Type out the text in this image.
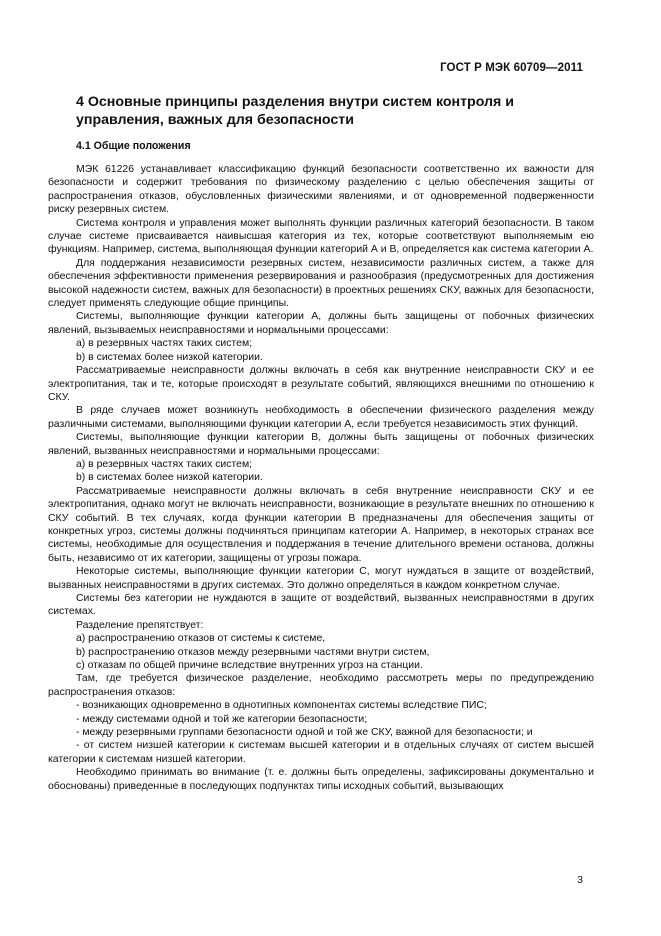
ГОСТ Р МЭК 60709—2011
4 Основные принципы разделения внутри систем контроля и управления, важных для безопасности
4.1 Общие положения

МЭК 61226 устанавливает классификацию функций безопасности соответственно их важности для безопасности и содержит требования по физическому разделению с целью обеспечения защиты от распространения отказов, обусловленных физическими явлениями, и от одновременной подверженности риску резервных систем.

Система контроля и управления может выполнять функции различных категорий безопасности. В таком случае системе присваивается наивысшая категория из тех, которые соответствуют выполняемым ею функциям. Например, система, выполняющая функции категорий А и В, определяется как система категории А.

Для поддержания независимости резервных систем, независимости различных систем, а также для обеспечения эффективности применения резервирования и разнообразия (предусмотренных для достижения высокой надежности систем, важных для безопасности) в проектных решениях СКУ, важных для безопасности, следует применять следующие общие принципы.

Системы, выполняющие функции категории А, должны быть защищены от побочных физических явлений, вызываемых неисправностями и нормальными процессами:

a) в резервных частях таких систем;

b) в системах более низкой категории.

Рассматриваемые неисправности должны включать в себя как внутренние неисправности СКУ и ее электропитания, так и те, которые происходят в результате событий, являющихся внешними по отношению к СКУ.

В ряде случаев может возникнуть необходимость в обеспечении физического разделения между различными системами, выполняющими функции категории А, если требуется независимость этих функций.

Системы, выполняющие функции категории В, должны быть защищены от побочных физических явлений, вызванных неисправностями и нормальными процессами:

a) в резервных частях таких систем;

b) в системах более низкой категории.

Рассматриваемые неисправности должны включать в себя внутренние неисправности СКУ и ее электропитания, однако могут не включать неисправности, возникающие в результате внешних по отношению к СКУ событий. В тех случаях, когда функции категории В предназначены для обеспечения защиты от конкретных угроз, системы должны подчиняться принципам категории А. Например, в некоторых странах все системы, необходимые для осуществления и поддержания в течение длительного времени останова, должны быть, независимо от их категории, защищены от угрозы пожара.

Некоторые системы, выполняющие функции категории С, могут нуждаться в защите от воздействий, вызванных неисправностями в других системах. Это должно определяться в каждом конкретном случае.

Системы без категории не нуждаются в защите от воздействий, вызванных неисправностями в других системах.

Разделение препятствует:

a) распространению отказов от системы к системе,

b) распространению отказов между резервными частями внутри систем,

c) отказам по общей причине вследствие внутренних угроз на станции.

Там, где требуется физическое разделение, необходимо рассмотреть меры по предупреждению распространения отказов:

- возникающих одновременно в однотипных компонентах системы вследствие ПИС;

- между системами одной и той же категории безопасности;

- между резервными группами безопасности одной и той же СКУ, важной для безопасности; и

- от систем низшей категории к системам высшей категории и в отдельных случаях от систем высшей категории к системам низшей категории.

Необходимо принимать во внимание (т. е. должны быть определены, зафиксированы документально и обоснованы) приведенные в последующих подпунктах типы исходных событий, вызывающих

3
